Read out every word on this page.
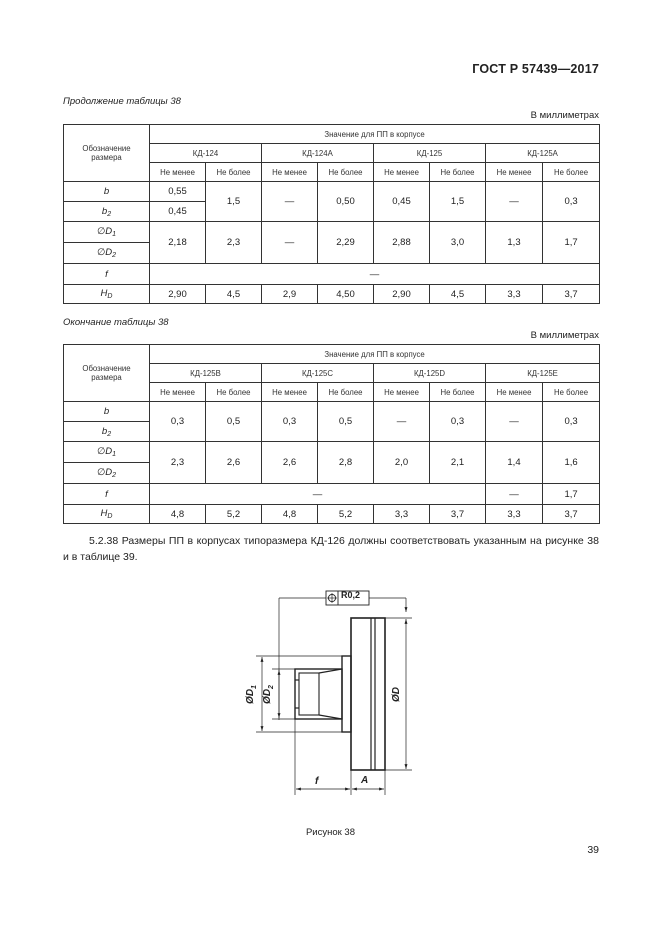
ГОСТ Р 57439—2017
Продолжение таблицы 38
В миллиметрах
Обозначение
размера	Значение для ПП в корпусе							
	КД-124		КД-124А		КД-125		КД-125А	
	Не менее	Не более	Не менее	Не более	Не менее	Не более	Не менее	Не более
b	0,55	1,5	—	0,50	0,45	1,5	—	0,3
$b_2$	0,45							
$\emptyset D_1$	2,18	2,3	—	2,29	2,88	3,0	1,3	1,7
$\emptyset D_2$
f	—							
$H_D$	2,90	4,5	2,9	4,50	2,90	4,5	3,3	3,7
Окончание таблицы 38
В миллиметрах
Обозначение
размера	Значение для ПП в корпусе							
	КД-125В		КД-125С		КД-125D		КД-125Е	
	Не менее	Не более	Не менее	Не более	Не менее	Не более	Не менее	Не более
b	0,3	0,5	0,3	0,5	—	0,3	—	0,3
$b_2$
$\emptyset D_1$	2,3	2,6	2,6	2,8	2,0	2,1	1,4	1,6
$\emptyset D_2$
f	—						—	1,7
$H_D$	4,8	5,2	4,8	5,2	3,3	3,7	3,3	3,7
5.2.38 Размеры ПП в корпусах типоразмера КД-126 должны соответствовать указанным на рисунке 38 и в таблице 39.
R0,2
$ØD_1$
$ØD_2$	ØD
f	A
Рисунок 38
39
